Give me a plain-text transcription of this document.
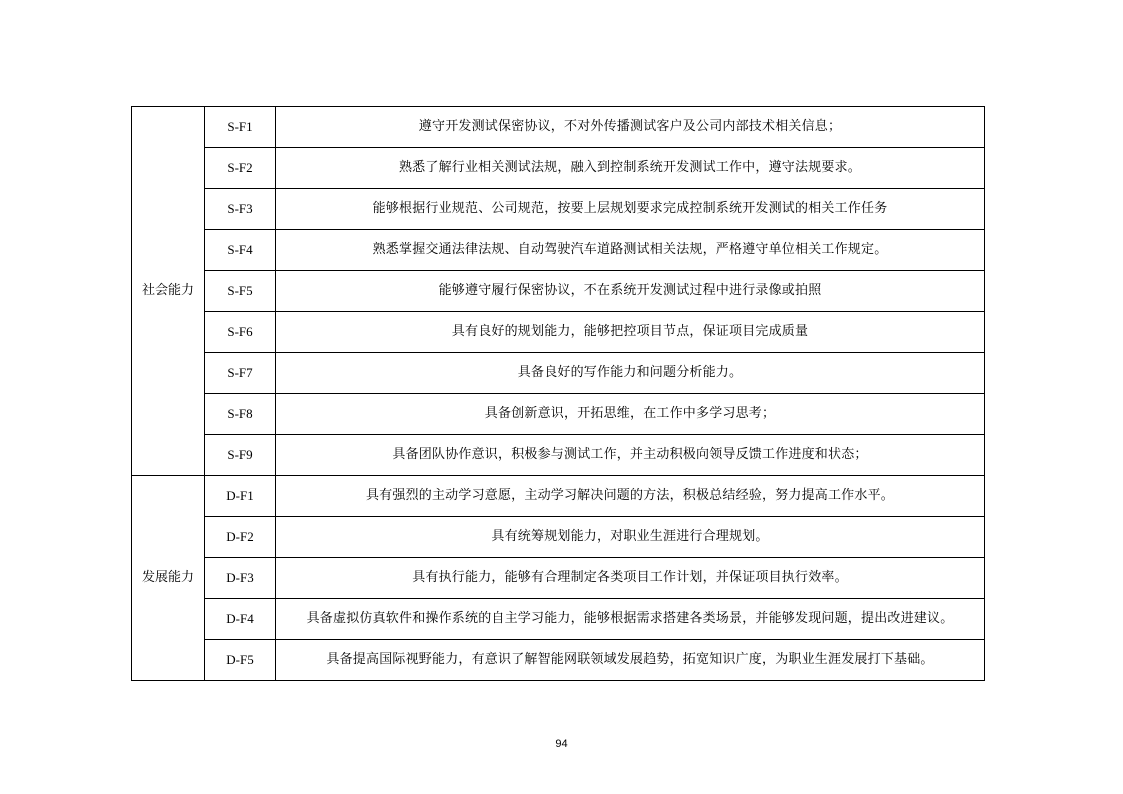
社会能力	S-F1	遵守开发测试保密协议，不对外传播测试客户及公司内部技术相关信息；
	S-F2	熟悉了解行业相关测试法规，融入到控制系统开发测试工作中，遵守法规要求。
	S-F3	能够根据行业规范、公司规范，按要上层规划要求完成控制系统开发测试的相关工作任务
	S-F4	熟悉掌握交通法律法规、自动驾驶汽车道路测试相关法规，严格遵守单位相关工作规定。
	S-F5	能够遵守履行保密协议，不在系统开发测试过程中进行录像或拍照
	S-F6	具有良好的规划能力，能够把控项目节点，保证项目完成质量
	S-F7	具备良好的写作能力和问题分析能力。
	S-F8	具备创新意识，开拓思维，在工作中多学习思考；
	S-F9	具备团队协作意识，积极参与测试工作，并主动积极向领导反馈工作进度和状态；
发展能力	D-F1	具有强烈的主动学习意愿，主动学习解决问题的方法，积极总结经验，努力提高工作水平。
	D-F2	具有统筹规划能力，对职业生涯进行合理规划。
	D-F3	具有执行能力，能够有合理制定各类项目工作计划，并保证项目执行效率。
	D-F4	具备虚拟仿真软件和操作系统的自主学习能力，能够根据需求搭建各类场景，并能够发现问题，提出改进建议。
	D-F5	具备提高国际视野能力，有意识了解智能网联领域发展趋势，拓宽知识广度，为职业生涯发展打下基础。
94
